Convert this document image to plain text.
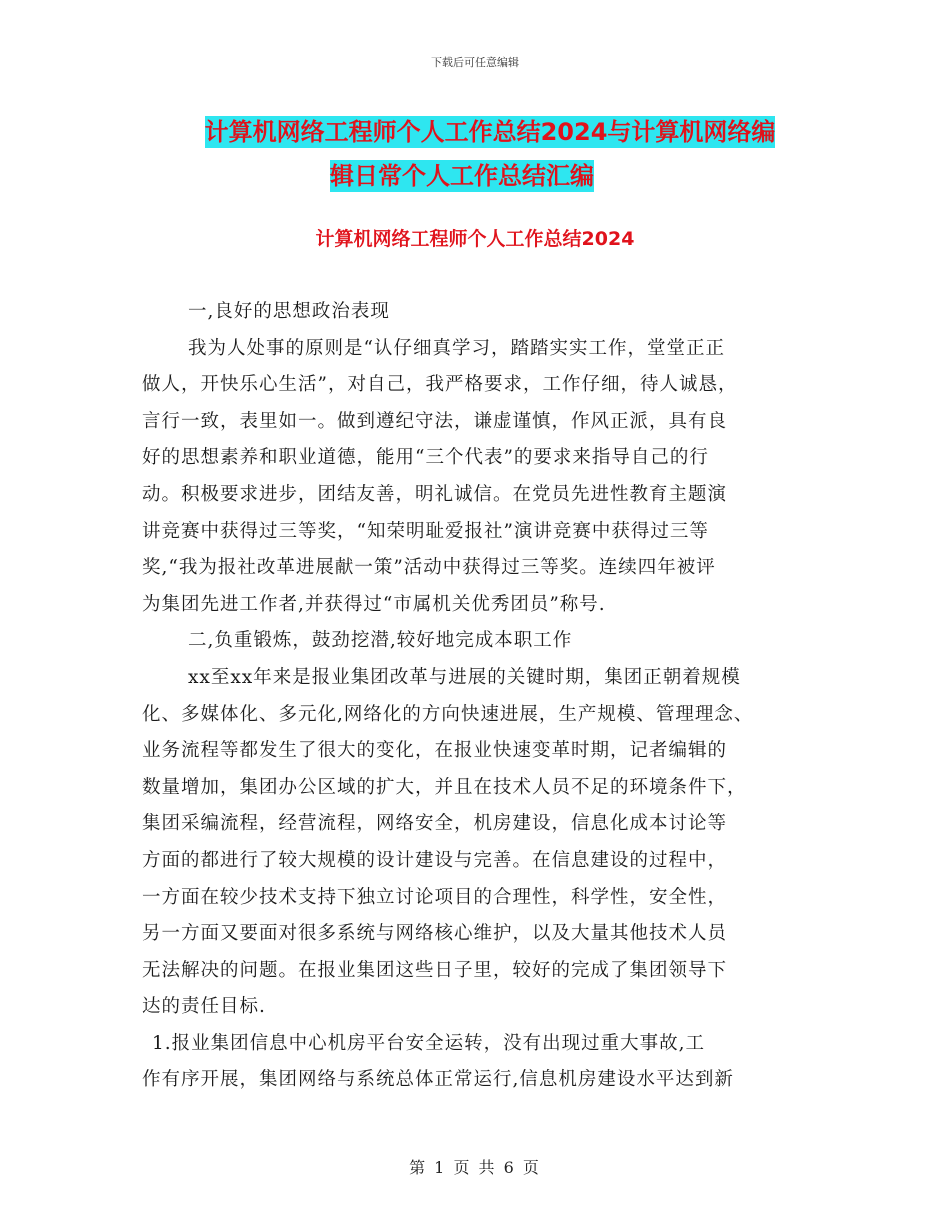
下载后可任意编辑
计算机网络工程师个人工作总结2024与计算机网络编
辑日常个人工作总结汇编
计算机网络工程师个人工作总结2024
一,良好的思想政治表现
我为人处事的原则是“认仔细真学习，踏踏实实工作，堂堂正正
做人，开快乐心生活”，对自己，我严格要求，工作仔细，待人诚恳，
言行一致，表里如一。做到遵纪守法，谦虚谨慎，作风正派，具有良
好的思想素养和职业道德，能用“三个代表”的要求来指导自己的行
动。积极要求进步，团结友善，明礼诚信。在党员先进性教育主题演
讲竞赛中获得过三等奖，“知荣明耻爱报社”演讲竞赛中获得过三等
奖,“我为报社改革进展献一策”活动中获得过三等奖。连续四年被评
为集团先进工作者,并获得过“市属机关优秀团员”称号.
二,负重锻炼，鼓劲挖潜,较好地完成本职工作
xx至xx年来是报业集团改革与进展的关键时期，集团正朝着规模
化、多媒体化、多元化,网络化的方向快速进展，生产规模、管理理念、
业务流程等都发生了很大的变化，在报业快速变革时期，记者编辑的
数量增加，集团办公区域的扩大，并且在技术人员不足的环境条件下，
集团采编流程，经营流程，网络安全，机房建设，信息化成本讨论等
方面的都进行了较大规模的设计建设与完善。在信息建设的过程中，
一方面在较少技术支持下独立讨论项目的合理性，科学性，安全性，
另一方面又要面对很多系统与网络核心维护，以及大量其他技术人员
无法解决的问题。在报业集团这些日子里，较好的完成了集团领导下
达的责任目标.
1.报业集团信息中心机房平台安全运转，没有出现过重大事故,工
作有序开展，集团网络与系统总体正常运行,信息机房建设水平达到新
第 1 页 共 6 页
